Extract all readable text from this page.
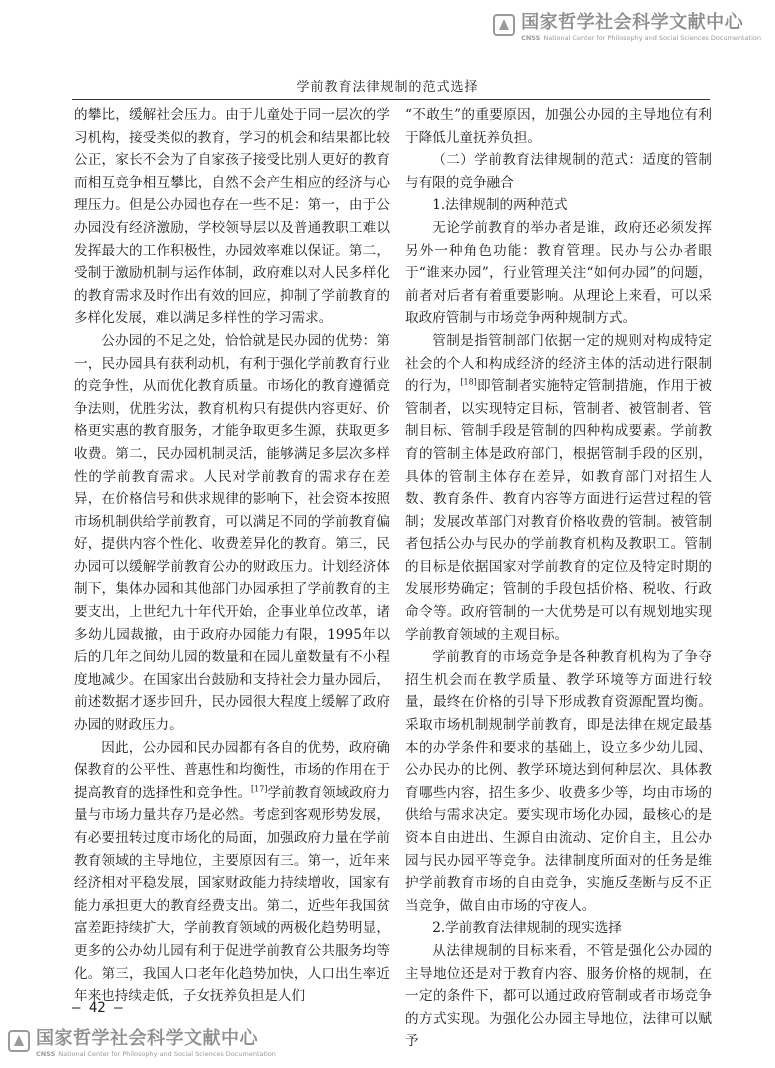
国家哲学社会科学文献中心
CNSS National Center for Philosophy and Social Sciences Documentation
学前教育法律规制的范式选择

的攀比，缓解社会压力。由于儿童处于同一层次的学习机构，接受类似的教育，学习的机会和结果都比较公正，家长不会为了自家孩子接受比别人更好的教育而相互竞争相互攀比，自然不会产生相应的经济与心理压力。但是公办园也存在一些不足：第一，由于公办园没有经济激励，学校领导层以及普通教职工难以发挥最大的工作积极性，办园效率难以保证。第二，受制于激励机制与运作体制，政府难以对人民多样化的教育需求及时作出有效的回应，抑制了学前教育的多样化发展，难以满足多样性的学习需求。

公办园的不足之处，恰恰就是民办园的优势：第一，民办园具有获利动机，有利于强化学前教育行业的竞争性，从而优化教育质量。市场化的教育遵循竞争法则，优胜劣汰，教育机构只有提供内容更好、价格更实惠的教育服务，才能争取更多生源，获取更多收费。第二，民办园机制灵活，能够满足多层次多样性的学前教育需求。人民对学前教育的需求存在差异，在价格信号和供求规律的影响下，社会资本按照市场机制供给学前教育，可以满足不同的学前教育偏好，提供内容个性化、收费差异化的教育。第三，民办园可以缓解学前教育公办的财政压力。计划经济体制下，集体办园和其他部门办园承担了学前教育的主要支出，上世纪九十年代开始，企事业单位改革，诸多幼儿园裁撤，由于政府办园能力有限，1995年以后的几年之间幼儿园的数量和在园儿童数量有不小程度地减少。在国家出台鼓励和支持社会力量办园后，前述数据才逐步回升，民办园很大程度上缓解了政府办园的财政压力。

因此，公办园和民办园都有各自的优势，政府确保教育的公平性、普惠性和均衡性，市场的作用在于提高教育的选择性和竞争性。[17]学前教育领域政府力量与市场力量共存乃是必然。考虑到客观形势发展，有必要扭转过度市场化的局面，加强政府力量在学前教育领域的主导地位，主要原因有三。第一，近年来经济相对平稳发展，国家财政能力持续增收，国家有能力承担更大的教育经费支出。第二，近些年我国贫富差距持续扩大，学前教育领域的两极化趋势明显，更多的公办幼儿园有利于促进学前教育公共服务均等化。第三，我国人口老年化趋势加快，人口出生率近年来也持续走低，子女抚养负担是人们

“不敢生”的重要原因，加强公办园的主导地位有利于降低儿童抚养负担。

（二）学前教育法律规制的范式：适度的管制与有限的竞争融合

1.法律规制的两种范式

无论学前教育的举办者是谁，政府还必须发挥另外一种角色功能：教育管理。民办与公办者眼于“谁来办园”，行业管理关注“如何办园”的问题，前者对后者有着重要影响。从理论上来看，可以采取政府管制与市场竞争两种规制方式。

管制是指管制部门依据一定的规则对构成特定社会的个人和构成经济的经济主体的活动进行限制的行为，[18]即管制者实施特定管制措施，作用于被管制者，以实现特定目标，管制者、被管制者、管制目标、管制手段是管制的四种构成要素。学前教育的管制主体是政府部门，根据管制手段的区别，具体的管制主体存在差异，如教育部门对招生人数、教育条件、教育内容等方面进行运营过程的管制；发展改革部门对教育价格收费的管制。被管制者包括公办与民办的学前教育机构及教职工。管制的目标是依据国家对学前教育的定位及特定时期的发展形势确定；管制的手段包括价格、税收、行政命令等。政府管制的一大优势是可以有规划地实现学前教育领域的主观目标。

学前教育的市场竞争是各种教育机构为了争夺招生机会而在教学质量、教学环境等方面进行较量，最终在价格的引导下形成教育资源配置均衡。采取市场机制规制学前教育，即是法律在规定最基本的办学条件和要求的基础上，设立多少幼儿园、公办民办的比例、教学环境达到何种层次、具体教育哪些内容，招生多少、收费多少等，均由市场的供给与需求决定。要实现市场化办园，最核心的是资本自由进出、生源自由流动、定价自主，且公办园与民办园平等竞争。法律制度所面对的任务是维护学前教育市场的自由竞争，实施反垄断与反不正当竞争，做自由市场的守夜人。

2.学前教育法律规制的现实选择

从法律规制的目标来看，不管是强化公办园的主导地位还是对于教育内容、服务价格的规制，在一定的条件下，都可以通过政府管制或者市场竞争的方式实现。为强化公办园主导地位，法律可以赋予

– 42 –
国家哲学社会科学文献中心
CNSS National Center for Philosophy and Social Sciences Documentation
